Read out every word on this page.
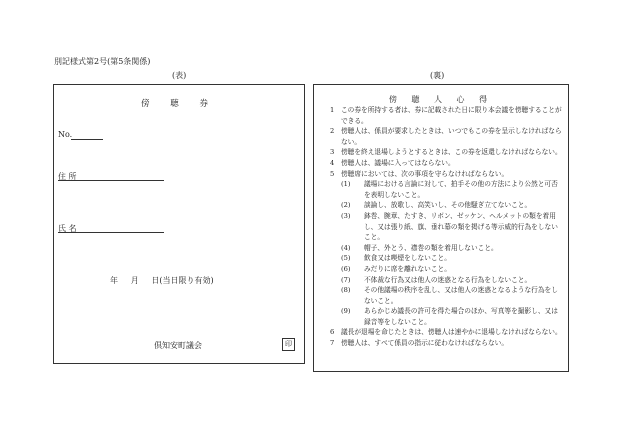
別記様式第2号(第5条関係)
(表)	(裏)
傍 聴 券
No.
住 所
氏 名
年     月     日(当日限り有効)
倶知安町議会	印
傍 聴 人 心 得
1	この券を所持する者は、券に記載された日に限り本会議を傍聴することができる。
2	傍聴人は、係員が要求したときは、いつでもこの券を呈示しなければならない。
3	傍聴を終え退場しようとするときは、この券を返還しなければならない。
4	傍聴人は、議場に入ってはならない。
5	傍聴席においては、次の事項を守らなければならない。
(1)	議場における言論に対して、拍手その他の方法により公然と可否を表明しないこと。
(2)	談論し、放歌し、高笑いし、その他騒ぎ立てないこと。
(3)	鉢巻、腕章、たすき、リボン、ゼッケン、ヘルメットの類を着用し、又は張り紙、旗、垂れ幕の類を掲げる等示威的行為をしないこと。
(4)	帽子、外とう、襟巻の類を着用しないこと。
(5)	飲食又は喫煙をしないこと。
(6)	みだりに席を離れないこと。
(7)	不体裁な行為又は他人の迷惑となる行為をしないこと。
(8)	その他議場の秩序を乱し、又は他人の迷惑となるような行為をしないこと。
(9)	あらかじめ議長の許可を得た場合のほか、写真等を撮影し、又は録音等をしないこと。
6	議長が退場を命じたときは、傍聴人は速やかに退場しなければならない。
7	傍聴人は、すべて係員の指示に従わなければならない。
